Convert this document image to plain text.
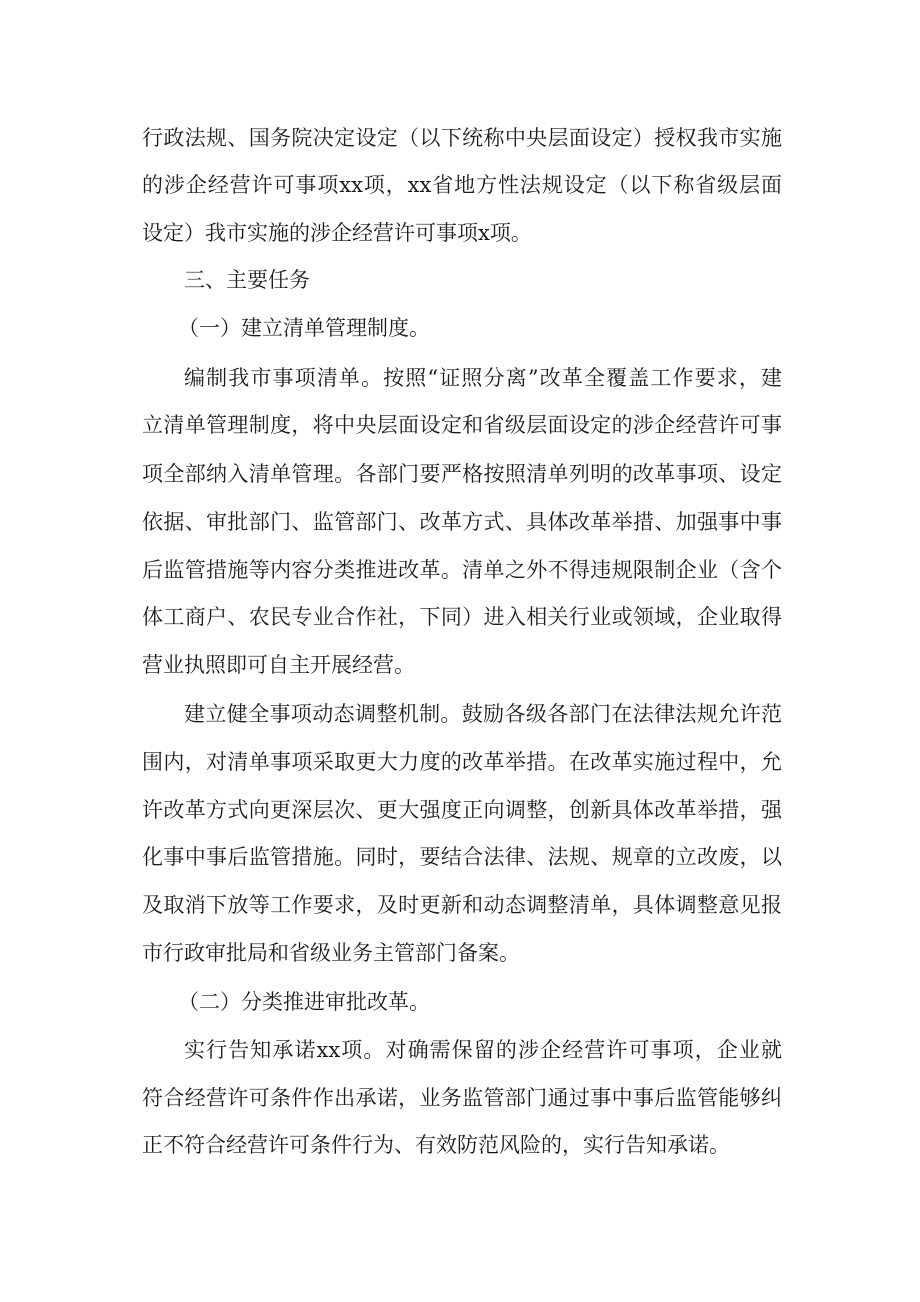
行政法规、国务院决定设定（以下统称中央层面设定）授权我市实施
的涉企经营许可事项xx项，xx省地方性法规设定（以下称省级层面
设定）我市实施的涉企经营许可事项x项。
三、主要任务
（一）建立清单管理制度。
编制我市事项清单。按照“证照分离”改革全覆盖工作要求，建
立清单管理制度，将中央层面设定和省级层面设定的涉企经营许可事
项全部纳入清单管理。各部门要严格按照清单列明的改革事项、设定
依据、审批部门、监管部门、改革方式、具体改革举措、加强事中事
后监管措施等内容分类推进改革。清单之外不得违规限制企业（含个
体工商户、农民专业合作社，下同）进入相关行业或领域，企业取得
营业执照即可自主开展经营。
建立健全事项动态调整机制。鼓励各级各部门在法律法规允许范
围内，对清单事项采取更大力度的改革举措。在改革实施过程中，允
许改革方式向更深层次、更大强度正向调整，创新具体改革举措，强
化事中事后监管措施。同时，要结合法律、法规、规章的立改废，以
及取消下放等工作要求，及时更新和动态调整清单，具体调整意见报
市行政审批局和省级业务主管部门备案。
（二）分类推进审批改革。
实行告知承诺xx项。对确需保留的涉企经营许可事项，企业就
符合经营许可条件作出承诺，业务监管部门通过事中事后监管能够纠
正不符合经营许可条件行为、有效防范风险的，实行告知承诺。
